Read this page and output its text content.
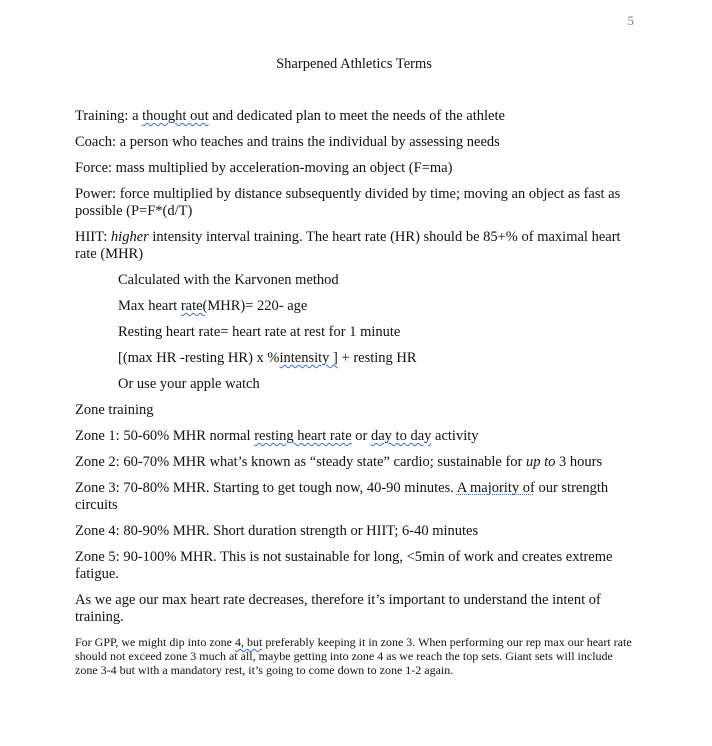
5
Sharpened Athletics Terms

Training: a thought out and dedicated plan to meet the needs of the athlete

Coach: a person who teaches and trains the individual by assessing needs

Force: mass multiplied by acceleration-moving an object (F=ma)

Power: force multiplied by distance subsequently divided by time; moving an object as fast as possible (P=F*(d/T)

HIIT: higher intensity interval training. The heart rate (HR) should be 85+% of maximal heart rate (MHR)

Calculated with the Karvonen method

Max heart rate(MHR)= 220- age

Resting heart rate= heart rate at rest for 1 minute

[(max HR -resting HR) x %intensity ] + resting HR

Or use your apple watch

Zone training

Zone 1: 50-60% MHR normal resting heart rate or day to day activity

Zone 2: 60-70% MHR what’s known as “steady state” cardio; sustainable for up to 3 hours

Zone 3: 70-80% MHR. Starting to get tough now, 40-90 minutes. A majority of our strength circuits

Zone 4: 80-90% MHR. Short duration strength or HIIT; 6-40 minutes

Zone 5: 90-100% MHR. This is not sustainable for long, <5min of work and creates extreme fatigue.

As we age our max heart rate decreases, therefore it’s important to understand the intent of training.

For GPP, we might dip into zone 4, but preferably keeping it in zone 3. When performing our rep max our heart rate should not exceed zone 3 much at all, maybe getting into zone 4 as we reach the top sets. Giant sets will include zone 3-4 but with a mandatory rest, it’s going to come down to zone 1-2 again.
